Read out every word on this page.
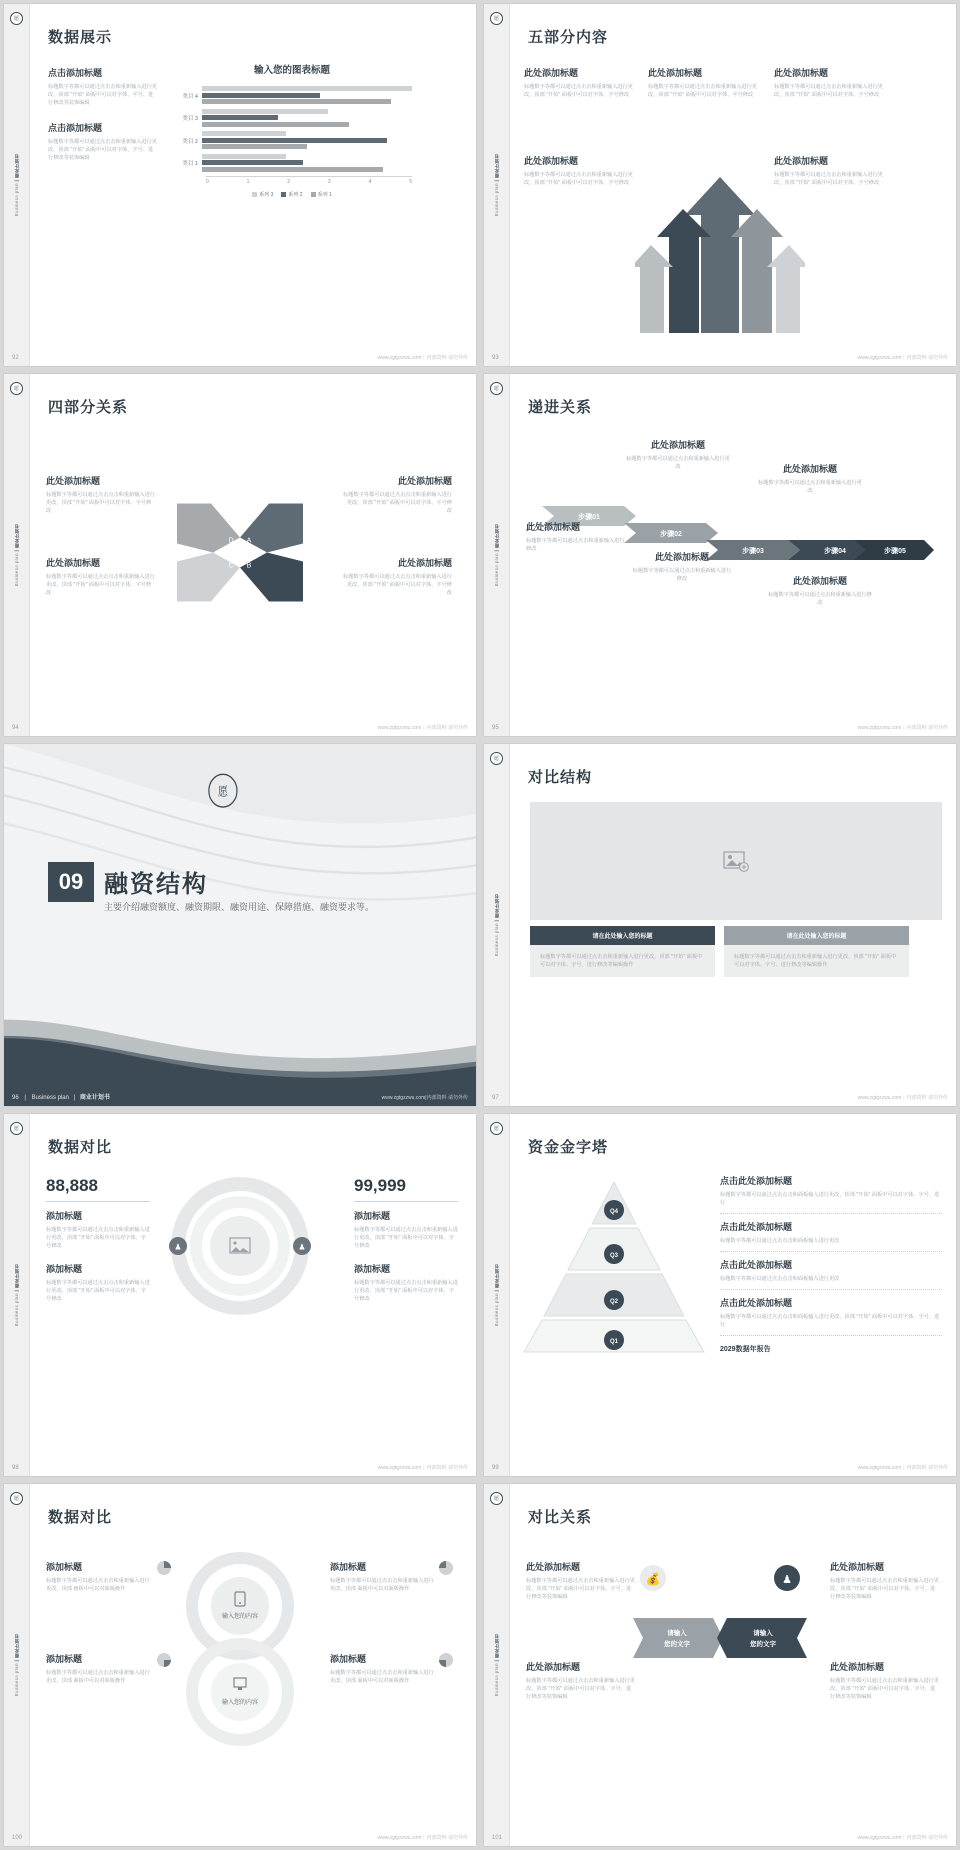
Business plan | 商业计划书
愿
数据展示
点击添加标题

标题数字等都可以通过点击击和重新输入进行更改，顶部 "开始" 面板中可以对字体、字号、进行修改等装饰编辑

点击添加标题

标题数字等都可以通过点击击和重新输入进行更改，顶部 "开始" 面板中可以对字体、字号、进行修改等装饰编辑

输入您的图表标题
类目 4
类目 3
类目 2
类目 1
0	1	2	3	4	5
系列 3	系列 2	系列 1
92	www.zgtgzzwu.com | 内部资料 请勿外传
Business plan | 商业计划书
愿
五部分内容
此处添加标题

标题数字等都可以通过点击击和重新输入进行更改，顶部 "开始" 面板中可以对字体、字号修改

此处添加标题

标题数字等都可以通过点击击和重新输入进行更改，顶部 "开始" 面板中可以对字体、字号修改

此处添加标题

标题数字等都可以通过点击击和重新输入进行更改，顶部 "开始" 面板中可以对字体、字号修改

此处添加标题

标题数字等都可以通过点击击和重新输入进行更改，顶部 "开始" 面板中可以对字体、字号修改

此处添加标题

标题数字等都可以通过点击击和重新输入进行更改，顶部 "开始" 面板中可以对字体、字号修改

93	www.zgtgzzwu.com | 内部资料 请勿外传
Business plan | 商业计划书
愿
四部分关系
此处添加标题

标题数字等都可以通过点击点击和重新输入进行更改，顶部 "开始" 面板中可以对字体、字号修改

此处添加标题

标题数字等都可以通过点击点击和重新输入进行更改，顶部 "开始" 面板中可以对字体、字号修改

此处添加标题

标题数字等都可以通过点击点击和重新输入进行更改，顶部 "开始" 面板中可以对字体、字号修改

此处添加标题

标题数字等都可以通过点击点击和重新输入进行更改，顶部 "开始" 面板中可以对字体、字号修改

D A
C B
94	www.zgtgzzwu.com | 内部资料 请勿外传
Business plan | 商业计划书
愿
递进关系
步骤01
步骤02
步骤03	步骤04	步骤05
此处添加标题

标题数字等都可以通过点击和重新输入进行修改

此处添加标题

标题数字等都可以通过点击和重新输入进行更改

此处添加标题

标题数字等都可以通过点击和重新输入进行修改

此处添加标题

标题数字等都可以通过点击和重新输入进行更改

此处添加标题

标题数字等都可以通过点击和重新输入进行修改

95	www.zgtgzzwu.com | 内部资料 请勿外传
愿
09 融资结构
主要介绍融资额度、融资期限、融资用途、保障措施、融资要求等。
96 | Business plan | 商业计划书	www.zgtgzzwu.com|内部资料 请勿外传
Business plan | 商业计划书
愿
对比结构
请在此处输入您的标题

标题数字等都可以通过点击击和重新输入进行更改，顶部 "开始" 面板中可以对字体、字号、进行修改等编辑操作

请在此处输入您的标题

标题数字等都可以通过点击击和重新输入进行更改，顶部 "开始" 面板中可以对字体、字号、进行修改等编辑操作

97	www.zgtgzzwu.com | 内部资料 请勿外传
Business plan | 商业计划书
愿
数据对比
88,888
添加标题

标题数字等都可以通过点击点击和重新输入进行更改，顶部 "开始" 面板中可以对字体、字号修改

添加标题

标题数字等都可以通过点击点击和重新输入进行更改，顶部 "开始" 面板中可以对字体、字号修改

99,999
添加标题

标题数字等都可以通过点击点击和重新输入进行更改，顶部 "开始" 面板中可以对字体、字号修改

添加标题

标题数字等都可以通过点击点击和重新输入进行更改，顶部 "开始" 面板中可以对字体、字号修改

♟	♟
98	www.zgtgzzwu.com | 内部资料 请勿外传
Business plan | 商业计划书
愿
资金金字塔
Q4
Q3
Q2
Q1
点击此处添加标题

标题数字等都可以通过点击点击和面板输入进行更改，顶部 "开始" 面板中可以对字体、字号、进行

点击此处添加标题

标题数字等都可以通过点击点击和面板输入进行更改

点击此处添加标题

标题数字等都可以通过点击点击和面板输入进行更改

点击此处添加标题

标题数字等都可以通过点击点击和面板输入进行更改，顶部 "开始" 面板中可以对字体、字号、进行

2029数据年报告
99	www.zgtgzzwu.com | 内部资料 请勿外传
Business plan | 商业计划书
愿
数据对比
输入您的内容
输入您的内容
添加标题

标题数字等都可以通过点击击和重新输入进行更改，顶部 画板中可以对面板操作

添加标题

标题数字等都可以通过点击击和重新输入进行更改，顶部 面板中可以对面板操作

添加标题

标题数字等都可以通过点击击和重新输入进行更改，顶部 面板中可以对面板操作

添加标题

标题数字等都可以通过点击击和重新输入进行更改，顶部 面板中可以对面板操作

100	www.zgtgzzwu.com | 内部资料 请勿外传
Business plan | 商业计划书
愿
对比关系
此处添加标题

标题数字等都可以通过点击击和重新输入进行更改，顶部 "开始" 面板中可以对字体、字号、进行修改等装饰编辑

此处添加标题

标题数字等都可以通过点击击和重新输入进行更改，顶部 "开始" 面板中可以对字体、字号、进行修改等装饰编辑

此处添加标题

标题数字等都可以通过点击击和重新输入进行更改，顶部 "开始" 面板中可以对字体、字号、进行修改等装饰编辑

此处添加标题

标题数字等都可以通过点击击和重新输入进行更改，顶部 "开始" 面板中可以对字体、字号、进行修改等装饰编辑

💰	♟
请输入
您的文字
请输入
您的文字
101	www.zgtgzzwu.com | 内部资料 请勿外传
